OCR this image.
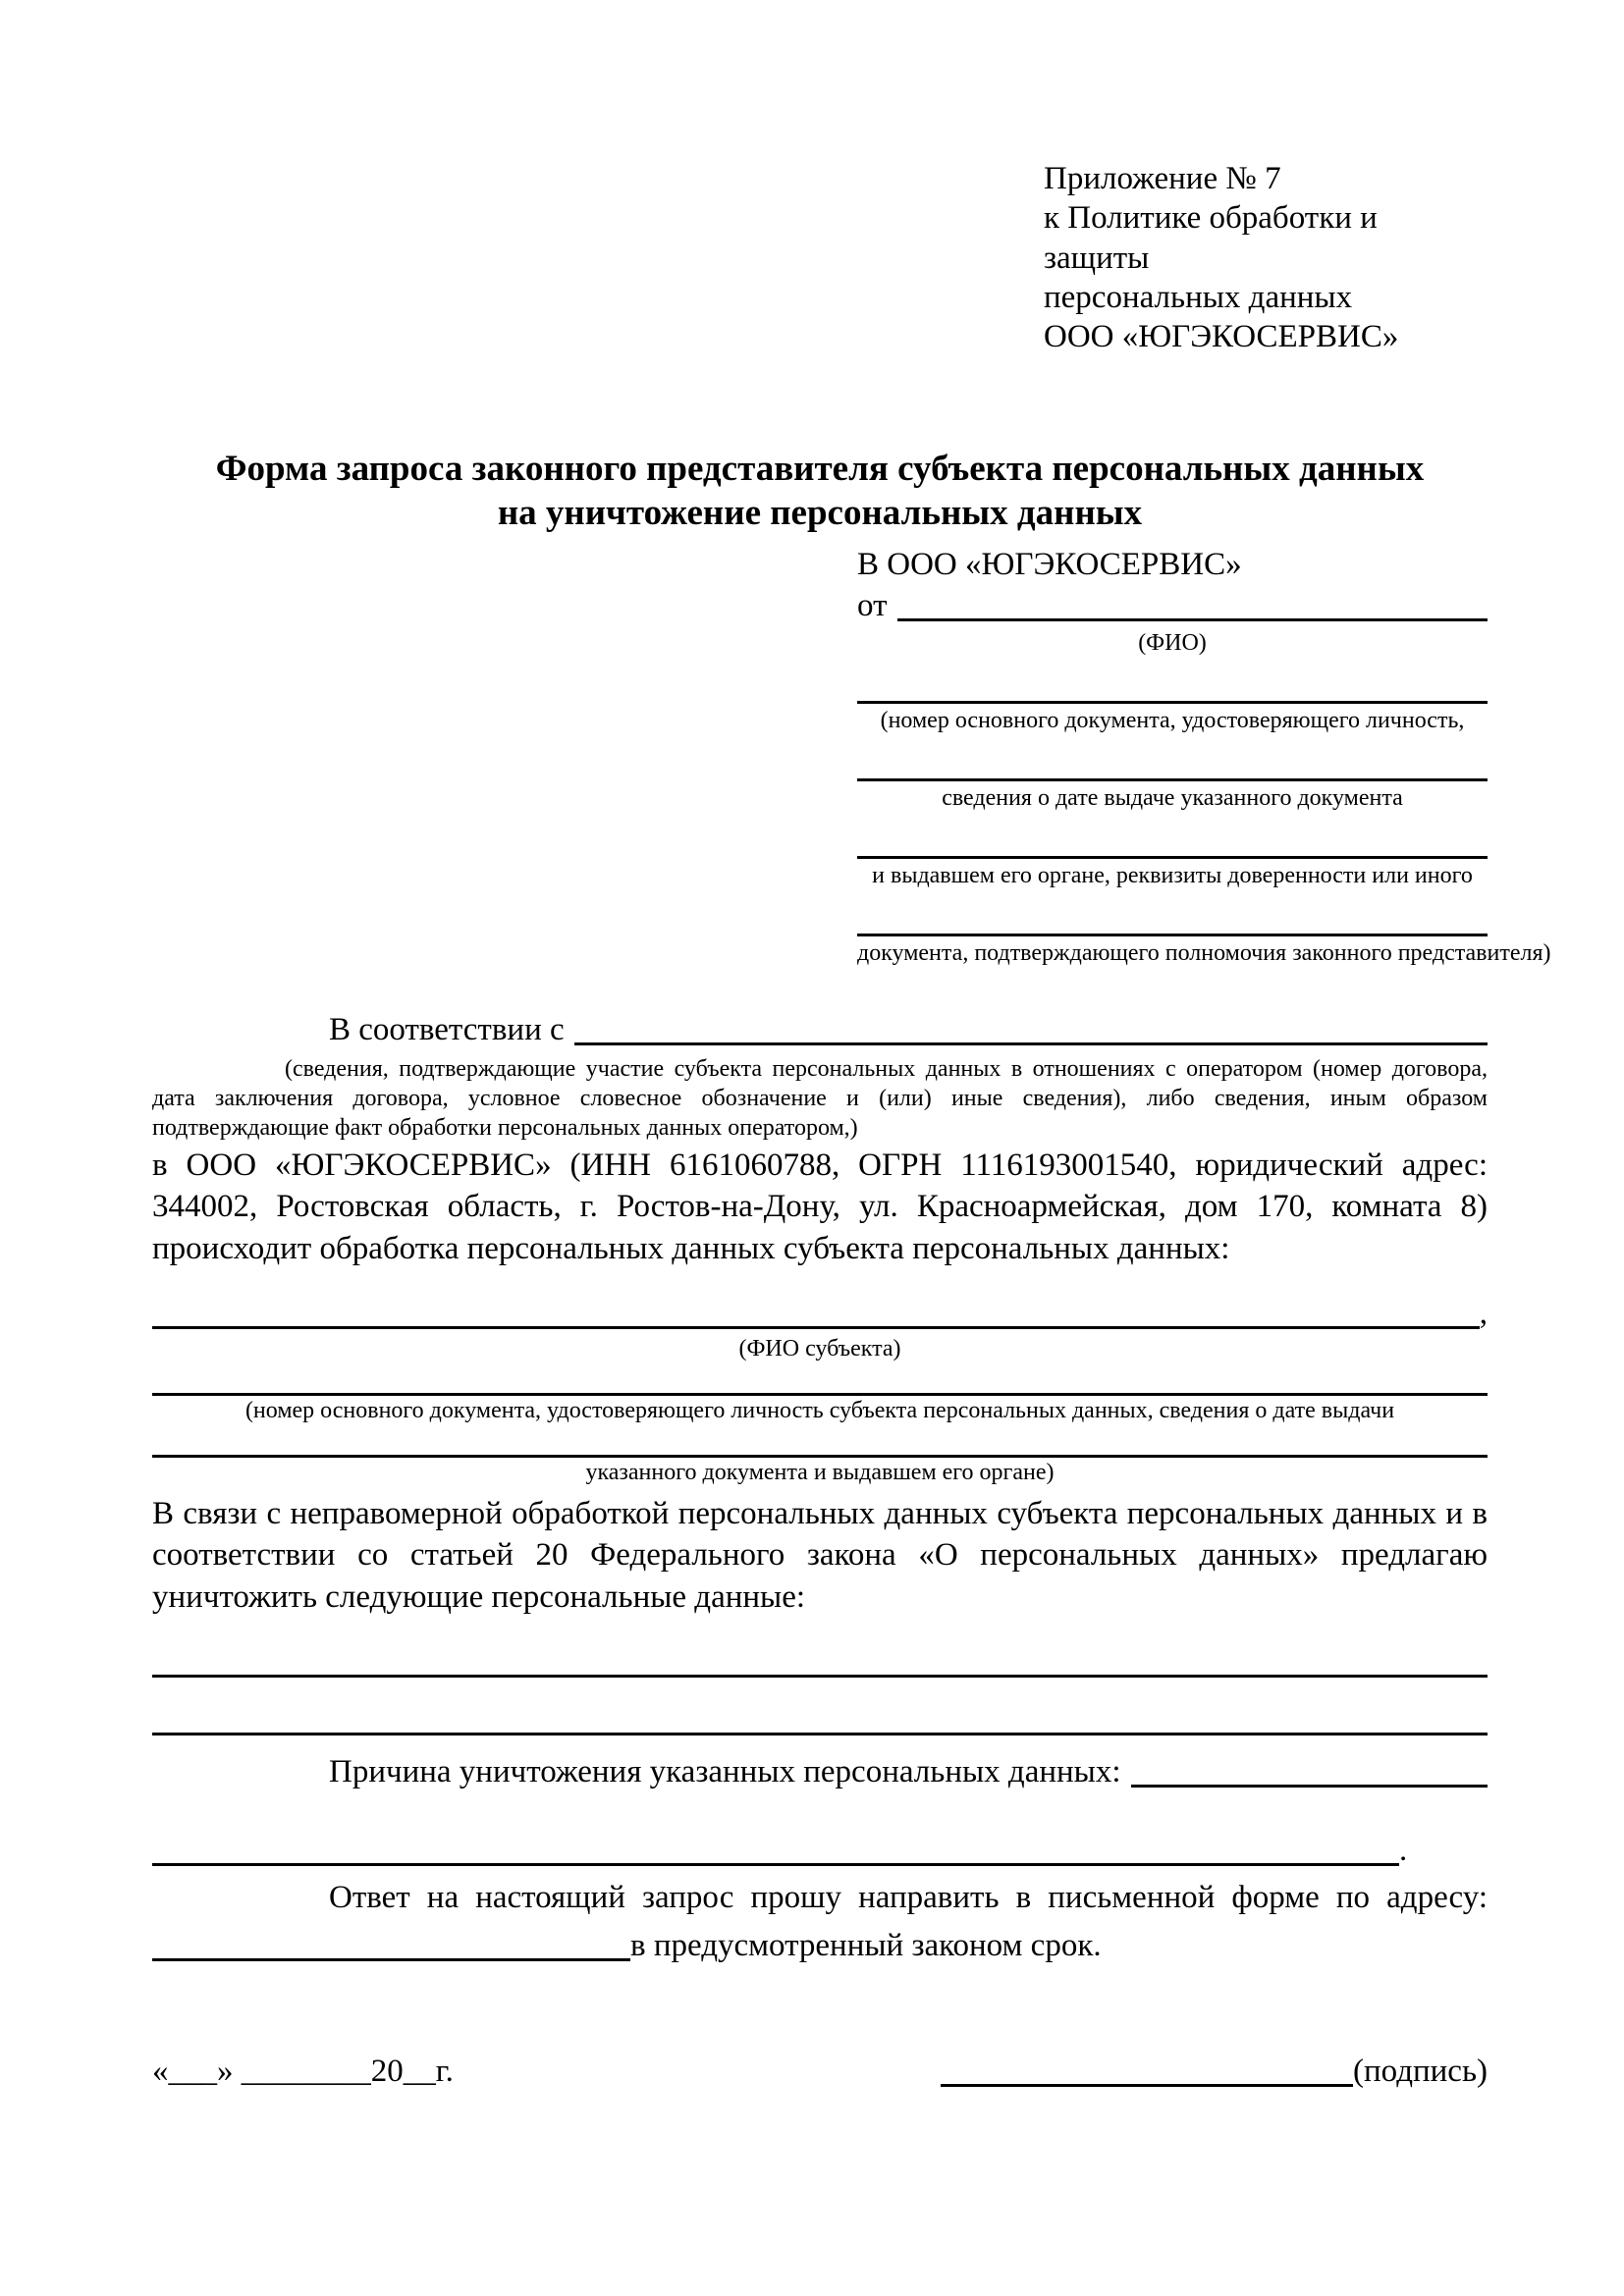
Приложение № 7
к Политике обработки и защиты
персональных данных
ООО «ЮГЭКОСЕРВИС»
Форма запроса законного представителя субъекта персональных данных
на уничтожение персональных данных
В ООО «ЮГЭКОСЕРВИС»
от
(ФИО)
(номер основного документа, удостоверяющего личность,
сведения о дате выдаче указанного документа
и выдавшем его органе, реквизиты доверенности или иного
документа, подтверждающего полномочия законного представителя)
В соответствии с

(сведения, подтверждающие участие субъекта персональных данных в отношениях с оператором (номер договора, дата заключения договора, условное словесное обозначение и (или) иные сведения), либо сведения, иным образом подтверждающие факт обработки персональных данных оператором,)

в ООО «ЮГЭКОСЕРВИС» (ИНН 6161060788, ОГРН 1116193001540, юридический адрес: 344002, Ростовская область, г. Ростов-на-Дону, ул. Красноармейская, дом 170, комната 8) происходит обработка персональных данных субъекта персональных данных:

,
(ФИО субъекта)
(номер основного документа, удостоверяющего личность субъекта персональных данных, сведения о дате выдачи
указанного документа и выдавшем его органе)

В связи с неправомерной обработкой персональных данных субъекта персональных данных и в соответствии со статьей 20 Федерального закона «О персональных данных» предлагаю уничтожить следующие персональные данные:

Причина уничтожения указанных персональных данных:
.

Ответ на настоящий запрос прошу направить в письменной форме по адресу:

в предусмотренный законом срок.
«___» ________20__г.	(подпись)
